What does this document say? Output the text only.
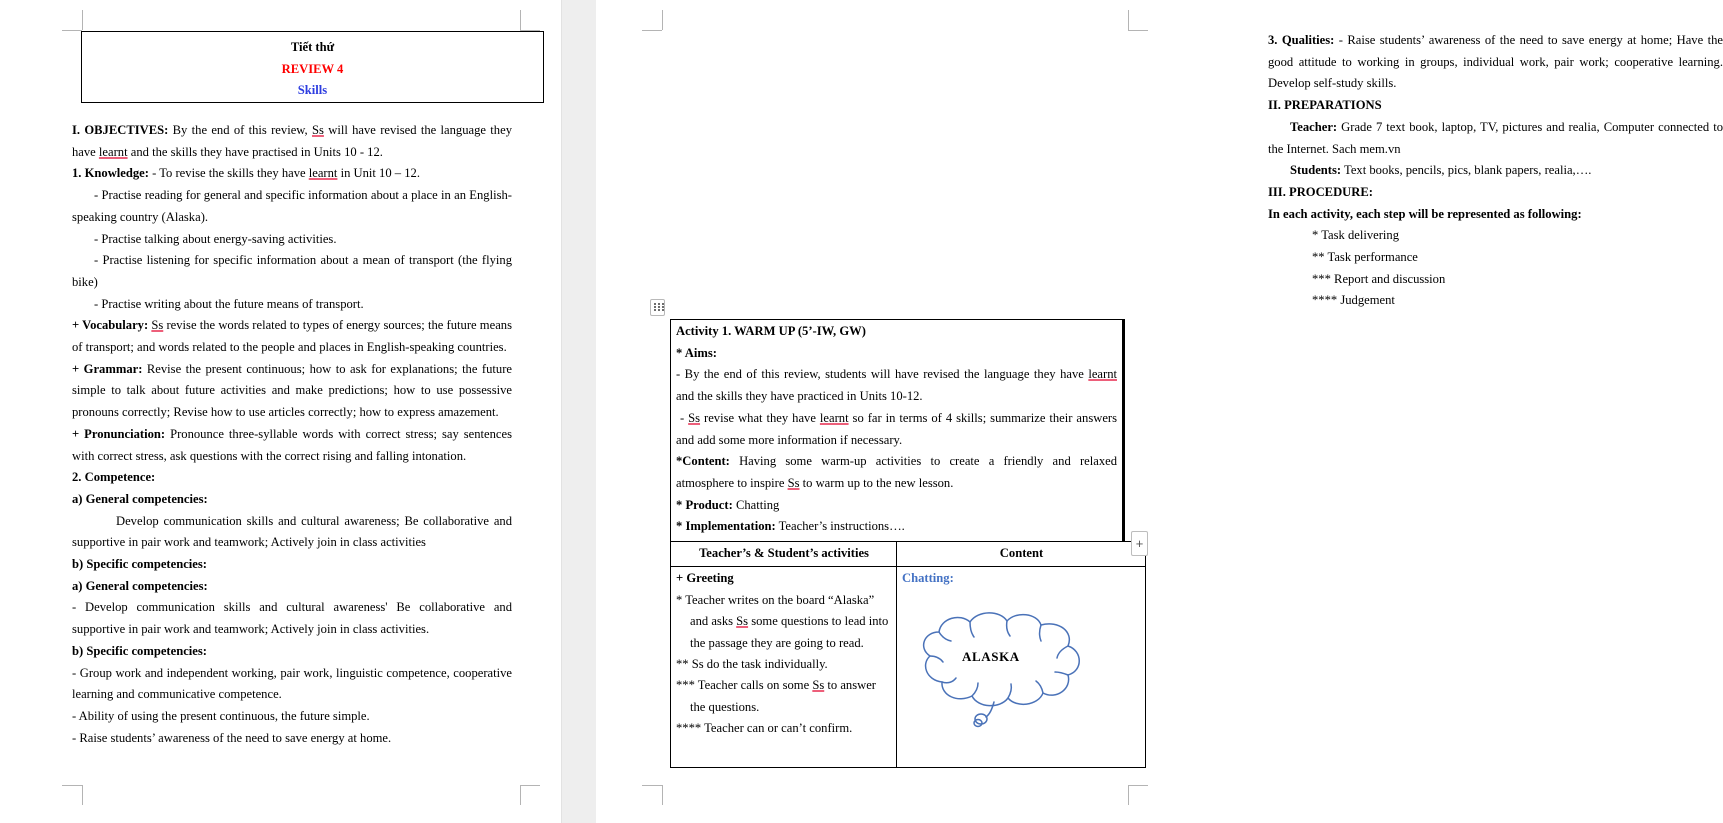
Tiết thứ
REVIEW 4
Skills

I. OBJECTIVES: By the end of this review, Ss will have revised the language they have learnt and the skills they have practised in Units 10 - 12.

1. Knowledge: - To revise the skills they have learnt in Unit 10 – 12.

- Practise reading for general and specific information about a place in an English-speaking country (Alaska).

- Practise talking about energy-saving activities.

- Practise listening for specific information about a mean of transport (the flying bike)

- Practise writing about the future means of transport.

+ Vocabulary: Ss revise the words related to types of energy sources; the future means of transport; and words related to the people and places in English-speaking countries.

+ Grammar: Revise the present continuous; how to ask for explanations; the future simple to talk about future activities and make predictions; how to use possessive pronouns correctly; Revise how to use articles correctly; how to express amazement.

+ Pronunciation: Pronounce three-syllable words with correct stress; say sentences with correct stress, ask questions with the correct rising and falling intonation.

2. Competence:

a) General competencies:

Develop communication skills and cultural awareness; Be collaborative and supportive in pair work and teamwork; Actively join in class activities

b) Specific competencies:

a) General competencies:

- Develop communication skills and cultural awareness' Be collaborative and supportive in pair work and teamwork; Actively join in class activities.

b) Specific competencies:

- Group work and independent working, pair work, linguistic competence, cooperative learning and communicative competence.

- Ability of using the present continuous, the future simple.

- Raise students’ awareness of the need to save energy at home.

3. Qualities: - Raise students’ awareness of the need to save energy at home; Have the good attitude to working in groups, individual work, pair work; cooperative learning. Develop self-study skills.

II. PREPARATIONS

Teacher: Grade 7 text book, laptop, TV, pictures and realia, Computer connected to the Internet. Sach mem.vn

Students: Text books, pencils, pics, blank papers, realia,….

III. PROCEDURE:

In each activity, each step will be represented as following:

* Task delivering

** Task performance

*** Report and discussion

**** Judgement

Activity 1. WARM UP (5’-IW, GW)

* Aims:

- By the end of this review, students will have revised the language they have learnt and the skills they have practiced in Units 10-12.

- Ss revise what they have learnt so far in terms of 4 skills; summarize their answers and add some more information if necessary.

*Content: Having some warm-up activities to create a friendly and relaxed atmosphere to inspire Ss to warm up to the new lesson.

* Product: Chatting

* Implementation: Teacher’s instructions….

Teacher’s & Student’s activities	Content

+ Greeting

* Teacher writes on the board “Alaska” and asks Ss some questions to lead into the passage they are going to read.

** Ss do the task individually.

*** Teacher calls on some Ss to answer the questions.

**** Teacher can or can’t confirm.

Chatting:

ALASKA
+
